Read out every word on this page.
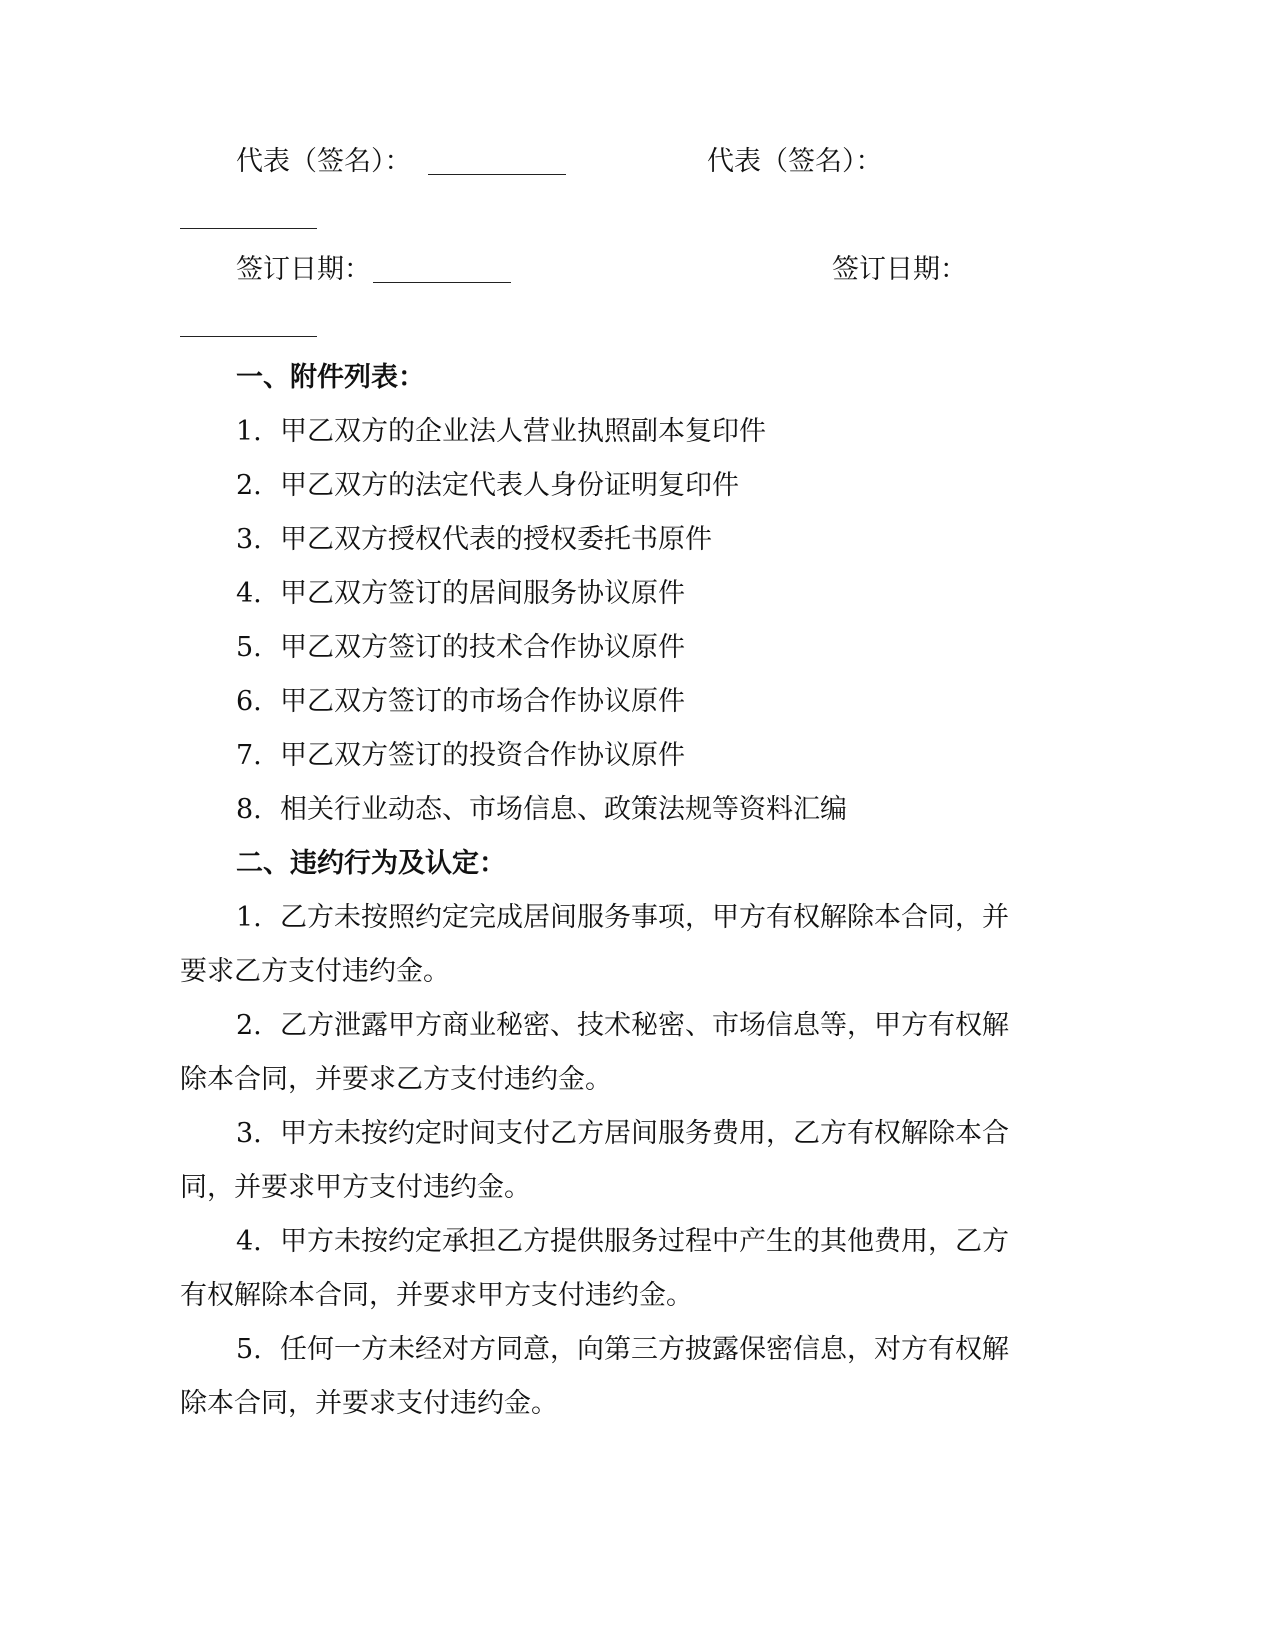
代表（签名）：	代表（签名）：
签订日期：	签订日期：
一、附件列表：
1. 甲乙双方的企业法人营业执照副本复印件
2. 甲乙双方的法定代表人身份证明复印件
3. 甲乙双方授权代表的授权委托书原件
4. 甲乙双方签订的居间服务协议原件
5. 甲乙双方签订的技术合作协议原件
6. 甲乙双方签订的市场合作协议原件
7. 甲乙双方签订的投资合作协议原件
8. 相关行业动态、市场信息、政策法规等资料汇编
二、违约行为及认定：
1. 乙方未按照约定完成居间服务事项，甲方有权解除本合同，并
要求乙方支付违约金。
2. 乙方泄露甲方商业秘密、技术秘密、市场信息等，甲方有权解
除本合同，并要求乙方支付违约金。
3. 甲方未按约定时间支付乙方居间服务费用，乙方有权解除本合
同，并要求甲方支付违约金。
4. 甲方未按约定承担乙方提供服务过程中产生的其他费用，乙方
有权解除本合同，并要求甲方支付违约金。
5. 任何一方未经对方同意，向第三方披露保密信息，对方有权解
除本合同，并要求支付违约金。
